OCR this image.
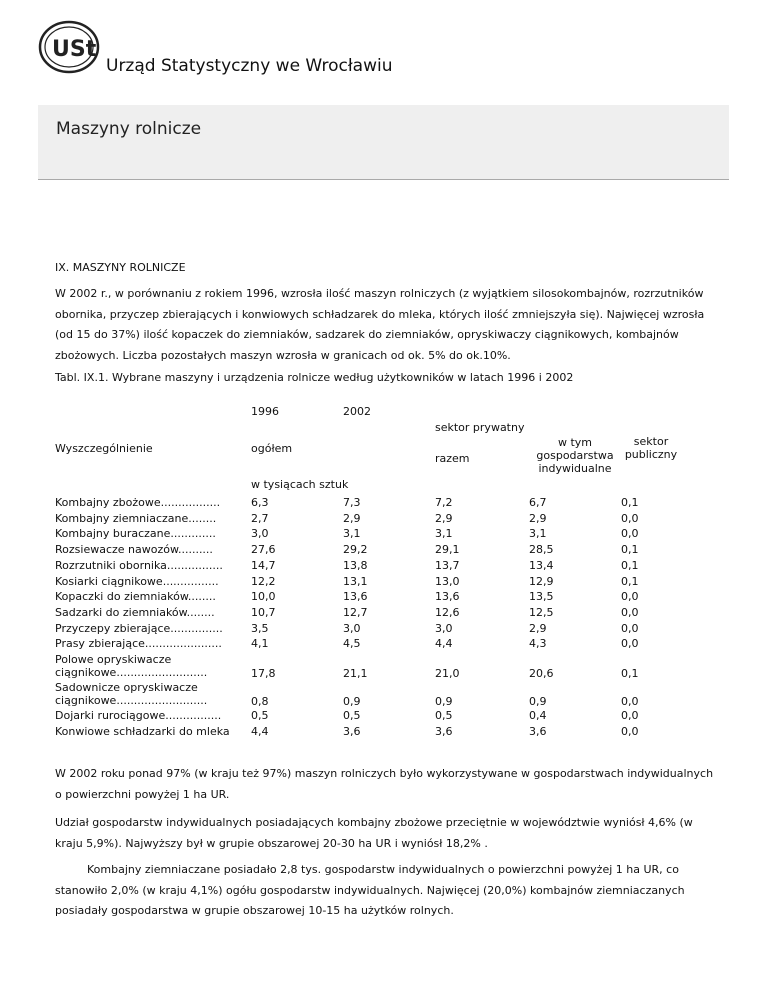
USt
Urząd Statystyczny we Wrocławiu
Maszyny rolnicze
IX. MASZYNY ROLNICZE
W 2002 r., w porównaniu z rokiem 1996, wzrosła ilość maszyn rolniczych (z wyjątkiem silosokombajnów, rozrzutników obornika, przyczep zbierających i konwiowych schładzarek do mleka, których ilość zmniejszyła się). Najwięcej wzrosła (od 15 do 37%) ilość kopaczek do ziemniaków, sadzarek do ziemniaków, opryskiwaczy ciągnikowych, kombajnów zbożowych. Liczba pozostałych maszyn wzrosła w granicach od ok. 5% do ok.10%.
Tabl. IX.1. Wybrane maszyny i urządzenia rolnicze według użytkowników w latach 1996 i 2002
1996	2002
sektor prywatny
Wyszczególnienie	ogółem
razem
w tym gospodarstwa indywidualne
sektor publiczny
w tysiącach sztuk
Kombajny zbożowe.................	6,3	7,3	7,2	6,7	0,1
Kombajny ziemniaczane........	2,7	2,9	2,9	2,9	0,0
Kombajny buraczane.............	3,0	3,1	3,1	3,1	0,0
Rozsiewacze nawozów..........	27,6	29,2	29,1	28,5	0,1
Rozrzutniki obornika................	14,7	13,8	13,7	13,4	0,1
Kosiarki ciągnikowe................	12,2	13,1	13,0	12,9	0,1
Kopaczki do ziemniaków........	10,0	13,6	13,6	13,5	0,0
Sadzarki do ziemniaków........	10,7	12,7	12,6	12,5	0,0
Przyczepy zbierające...............	3,5	3,0	3,0	2,9	0,0
Prasy zbierające......................	4,1	4,5	4,4	4,3	0,0
Polowe opryskiwacze
ciągnikowe..........................	17,8	21,1	21,0	20,6	0,1
Sadownicze opryskiwacze
ciągnikowe..........................	0,8	0,9	0,9	0,9	0,0
Dojarki rurociągowe................	0,5	0,5	0,5	0,4	0,0
Konwiowe schładzarki do mleka 4,4	3,6	3,6	3,6	0,0
W 2002 roku ponad 97% (w kraju też 97%) maszyn rolniczych było wykorzystywane w gospodarstwach indywidualnych o powierzchni powyżej 1 ha UR.
Udział gospodarstw indywidualnych posiadających kombajny zbożowe przeciętnie w województwie wyniósł 4,6% (w kraju 5,9%). Najwyższy był w grupie obszarowej 20-30 ha UR i wyniósł 18,2% .
Kombajny ziemniaczane posiadało 2,8 tys. gospodarstw indywidualnych o powierzchni powyżej 1 ha UR, co stanowiło 2,0% (w kraju 4,1%) ogółu gospodarstw indywidualnych. Najwięcej (20,0%) kombajnów ziemniaczanych posiadały gospodarstwa w grupie obszarowej 10-15 ha użytków rolnych.
